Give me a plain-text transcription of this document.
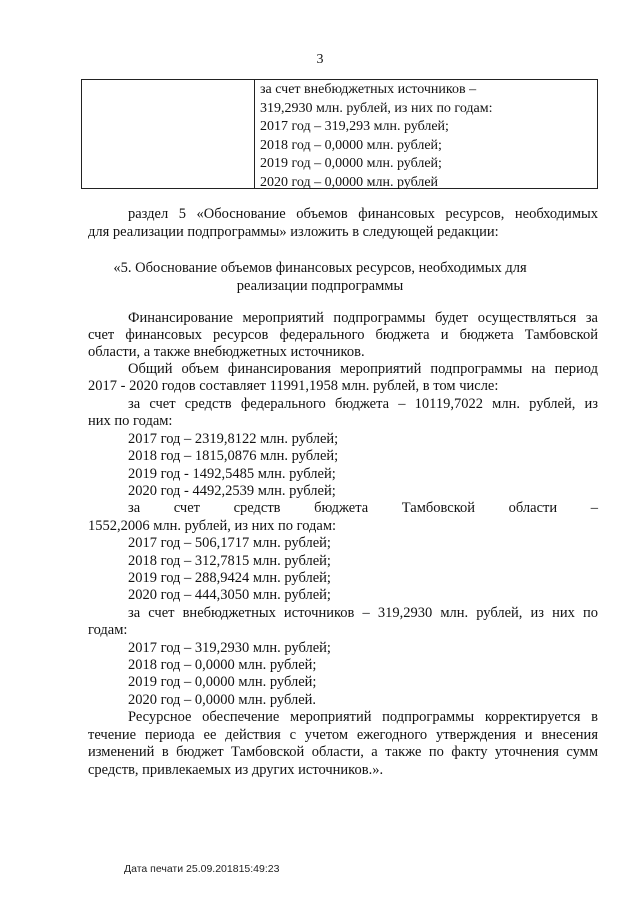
3
за счет внебюджетных источников –
319,2930 млн. рублей, из них по годам:
2017 год – 319,293 млн. рублей;
2018 год – 0,0000 млн. рублей;
2019 год – 0,0000 млн. рублей;
2020 год – 0,0000 млн. рублей
раздел 5 «Обоснование объемов финансовых ресурсов, необходимых
для реализации подпрограммы» изложить в следующей редакции:
«5. Обоснование объемов финансовых ресурсов, необходимых для
реализации подпрограммы
Финансирование мероприятий подпрограммы будет осуществляться за
счет финансовых ресурсов федерального бюджета и бюджета Тамбовской
области, а также внебюджетных источников.
Общий объем финансирования мероприятий подпрограммы на период
2017 - 2020 годов составляет 11991,1958 млн. рублей, в том числе:
за счет средств федерального бюджета – 10119,7022 млн. рублей, из
них по годам:
2017 год – 2319,8122 млн. рублей;
2018 год – 1815,0876 млн. рублей;
2019 год - 1492,5485 млн. рублей;
2020 год - 4492,2539 млн. рублей;
за счет средств бюджета Тамбовской области –
1552,2006 млн. рублей, из них по годам:
2017 год – 506,1717 млн. рублей;
2018 год – 312,7815 млн. рублей;
2019 год – 288,9424 млн. рублей;
2020 год – 444,3050 млн. рублей;
за счет внебюджетных источников – 319,2930 млн. рублей, из них по
годам:
2017 год – 319,2930 млн. рублей;
2018 год – 0,0000 млн. рублей;
2019 год – 0,0000 млн. рублей;
2020 год – 0,0000 млн. рублей.
Ресурсное обеспечение мероприятий подпрограммы корректируется в
течение периода ее действия с учетом ежегодного утверждения и внесения
изменений в бюджет Тамбовской области, а также по факту уточнения сумм
средств, привлекаемых из других источников.».
Дата печати 25.09.201815:49:23
